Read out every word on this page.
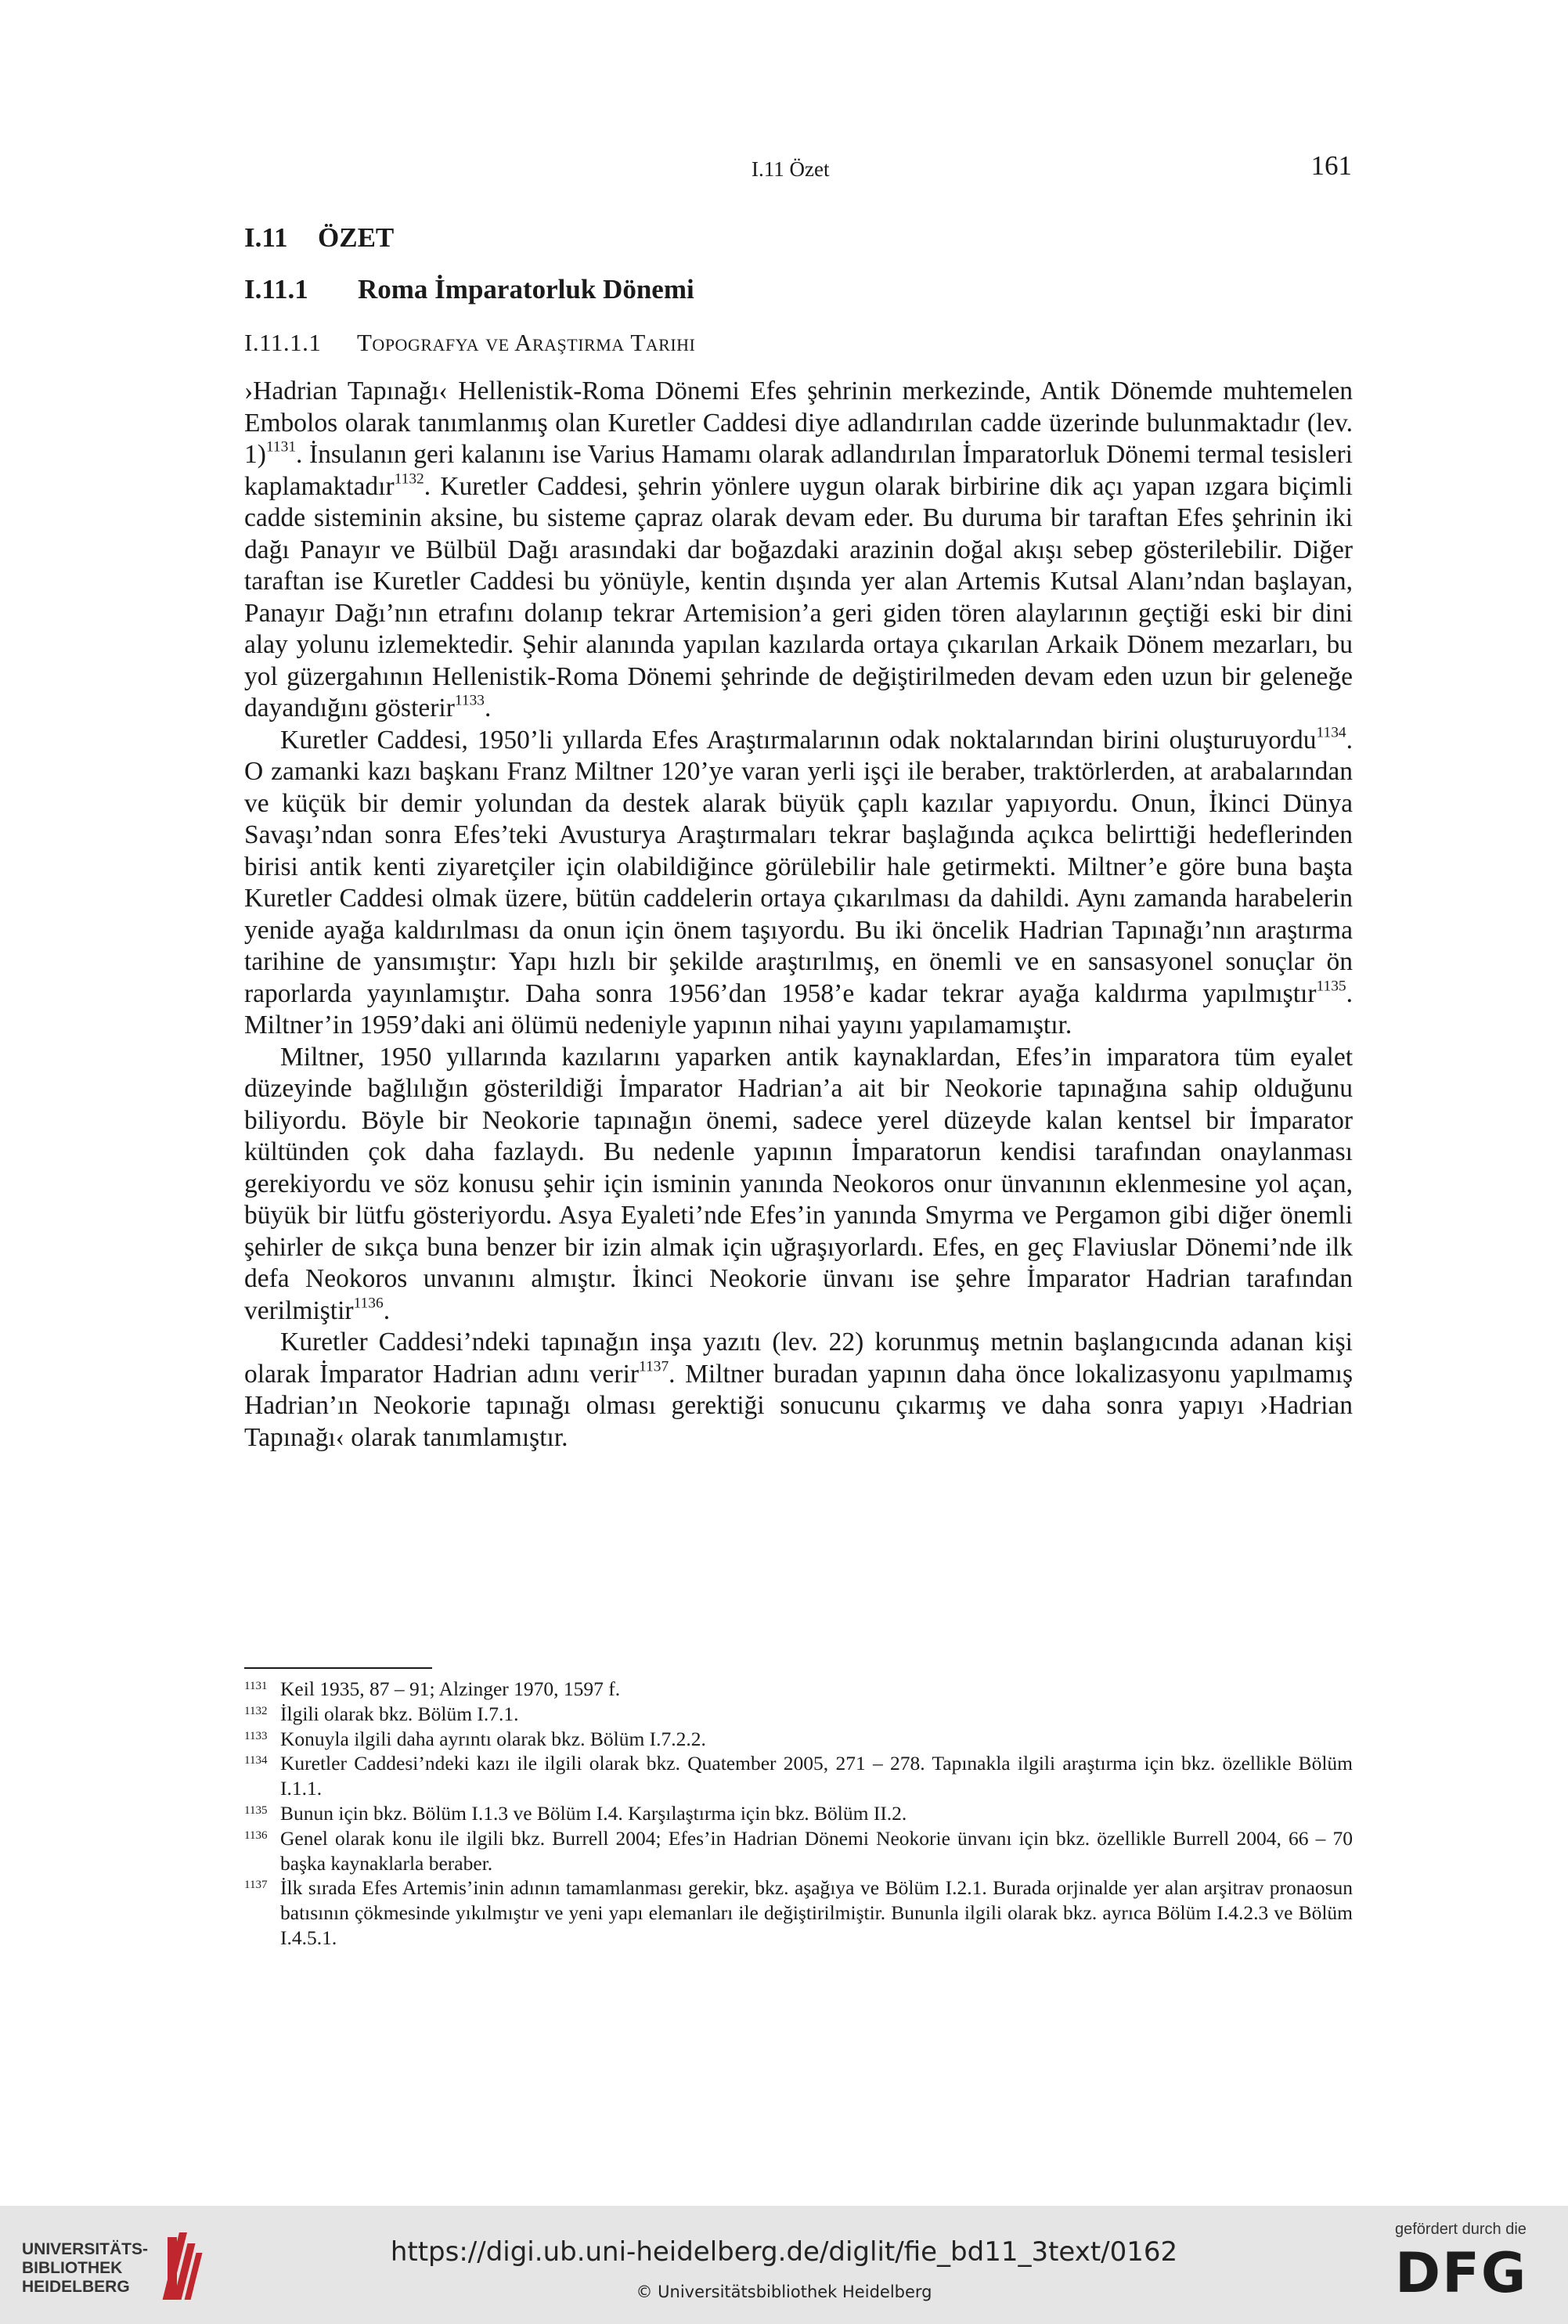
I.11 Özet	161
I.11 ÖZET
I.11.1 Roma İmparatorluk Dönemi
I.11.1.1 Topografya ve Araştırma Tarihi

›Hadrian Tapınağı‹ Hellenistik-Roma Dönemi Efes şehrinin merkezinde, Antik Dönemde muhtemelen Embolos olarak tanımlanmış olan Kuretler Caddesi diye adlandırılan cadde üzerinde bulunmaktadır (lev. 1)$^{1131}$. İnsulanın geri kalanını ise Varius Hamamı olarak adlandırılan İmparatorluk Dönemi termal tesisleri kaplamaktadır$^{1132}$. Kuretler Caddesi, şehrin yönlere uygun olarak birbirine dik açı yapan ızgara biçimli cadde sisteminin aksine, bu sisteme çapraz olarak devam eder. Bu duruma bir taraftan Efes şehrinin iki dağı Panayır ve Bülbül Dağı arasındaki dar boğazdaki arazinin doğal akışı sebep gösterilebilir. Diğer taraftan ise Kuretler Caddesi bu yönüyle, kentin dışında yer alan Artemis Kutsal Alanı’ndan başlayan, Panayır Dağı’nın etrafını dolanıp tekrar Artemision’a geri giden tören alaylarının geçtiği eski bir dini alay yolunu izlemektedir. Şehir alanında yapılan kazılarda ortaya çıkarılan Arkaik Dönem mezarları, bu yol güzergahının Hellenistik-Roma Dönemi şehrinde de değiştirilmeden devam eden uzun bir geleneğe dayandığını gösterir$^{1133}$.

Kuretler Caddesi, 1950’li yıllarda Efes Araştırmalarının odak noktalarından birini oluşturuyordu$^{1134}$. O zamanki kazı başkanı Franz Miltner 120’ye varan yerli işçi ile beraber, traktörlerden, at arabalarından ve küçük bir demir yolundan da destek alarak büyük çaplı kazılar yapıyordu. Onun, İkinci Dünya Savaşı’ndan sonra Efes’teki Avusturya Araştırmaları tekrar başlağında açıkca belirttiği hedeflerinden birisi antik kenti ziyaretçiler için olabildiğince görülebilir hale getirmekti. Miltner’e göre buna başta Kuretler Caddesi olmak üzere, bütün caddelerin ortaya çıkarılması da dahildi. Aynı zamanda harabelerin yenide ayağa kaldırılması da onun için önem taşıyordu. Bu iki öncelik Hadrian Tapınağı’nın araştırma tarihine de yansımıştır: Yapı hızlı bir şekilde araştırılmış, en önemli ve en sansasyonel sonuçlar ön raporlarda yayınlamıştır. Daha sonra 1956’dan 1958’e kadar tekrar ayağa kaldırma yapılmıştır$^{1135}$. Miltner’in 1959’daki ani ölümü nedeniyle yapının nihai yayını yapılamamıştır.

Miltner, 1950 yıllarında kazılarını yaparken antik kaynaklardan, Efes’in imparatora tüm eyalet düzeyinde bağlılığın gösterildiği İmparator Hadrian’a ait bir Neokorie tapınağına sahip olduğunu biliyordu. Böyle bir Neokorie tapınağın önemi, sadece yerel düzeyde kalan kentsel bir İmparator kültünden çok daha fazlaydı. Bu nedenle yapının İmparatorun kendisi tarafından onaylanması gerekiyordu ve söz konusu şehir için isminin yanında Neokoros onur ünvanının eklenmesine yol açan, büyük bir lütfu gösteriyordu. Asya Eyaleti’nde Efes’in yanında Smyrma ve Pergamon gibi diğer önemli şehirler de sıkça buna benzer bir izin almak için uğraşıyorlardı. Efes, en geç Flaviuslar Dönemi’nde ilk defa Neokoros unvanını almıştır. İkinci Neokorie ünvanı ise şehre İmparator Hadrian tarafından verilmiştir$^{1136}$.

Kuretler Caddesi’ndeki tapınağın inşa yazıtı (lev. 22) korunmuş metnin başlangıcında adanan kişi olarak İmparator Hadrian adını verir$^{1137}$. Miltner buradan yapının daha önce lokalizasyonu yapılmamış Hadrian’ın Neokorie tapınağı olması gerektiği sonucunu çıkarmış ve daha sonra yapıyı ›Hadrian Tapınağı‹ olarak tanımlamıştır.

1131 Keil 1935, 87 – 91; Alzinger 1970, 1597 f.
1132 İlgili olarak bkz. Bölüm I.7.1.
1133 Konuyla ilgili daha ayrıntı olarak bkz. Bölüm I.7.2.2.
1134 Kuretler Caddesi’ndeki kazı ile ilgili olarak bkz. Quatember 2005, 271 – 278. Tapınakla ilgili araştırma için bkz. özellikle Bölüm I.1.1.
1135 Bunun için bkz. Bölüm I.1.3 ve Bölüm I.4. Karşılaştırma için bkz. Bölüm II.2.
1136 Genel olarak konu ile ilgili bkz. Burrell 2004; Efes’in Hadrian Dönemi Neokorie ünvanı için bkz. özellikle Burrell 2004, 66 – 70 başka kaynaklarla beraber.
1137 İlk sırada Efes Artemis’inin adının tamamlanması gerekir, bkz. aşağıya ve Bölüm I.2.1. Burada orjinalde yer alan arşitrav pronaosun batısının çökmesinde yıkılmıştır ve yeni yapı elemanları ile değiştirilmiştir. Bununla ilgili olarak bkz. ayrıca Bölüm I.4.2.3 ve Bölüm I.4.5.1.
UNIVERSITÄTS-
BIBLIOTHEK
HEIDELBERG
https://digi.ub.uni-heidelberg.de/diglit/fie_bd11_3text/0162
© Universitätsbibliothek Heidelberg
gefördert durch die
DFG
